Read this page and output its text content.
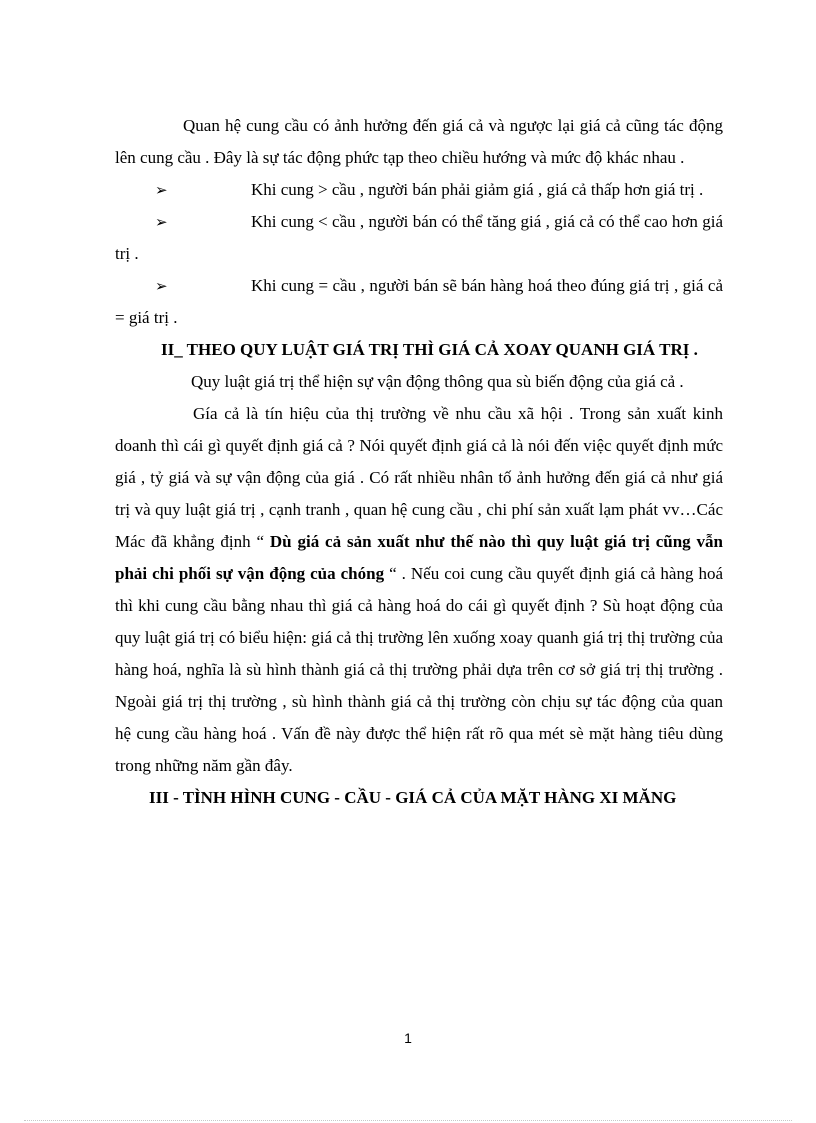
Quan hệ cung cầu có ảnh hưởng đến giá cả và ngược lại giá cả cũng tác động lên cung cầu . Đây là sự tác động phức tạp theo chiều hướng và mức độ khác nhau .

➢	Khi cung > cầu , người bán phải giảm giá , giá cả thấp hơn giá trị .

➢	Khi cung < cầu , người bán có thể tăng giá , giá cả có thể cao hơn giá trị .

➢	Khi cung = cầu , người bán sẽ bán hàng hoá theo đúng giá trị , giá cả = giá trị .

II_ THEO QUY LUẬT GIÁ TRỊ THÌ GIÁ CẢ XOAY QUANH GIÁ TRỊ .

Quy luật giá trị thể hiện sự vận động thông qua sù biến động của giá cả .

Gía cả là tín hiệu của thị trường về nhu cầu xã hội . Trong sản xuất kinh doanh thì cái gì quyết định giá cả ? Nói quyết định giá cả là nói đến việc quyết định mức giá , tỷ giá và sự vận động của giá . Có rất nhiều nhân tố ảnh hưởng đến giá cả như giá trị và quy luật giá trị , cạnh tranh , quan hệ cung cầu , chi phí sản xuất lạm phát vv…Các Mác đã khẳng định “ Dù giá cả sản xuất như thế nào thì quy luật giá trị cũng vẫn phải chi phối sự vận động của chóng “ . Nếu coi cung cầu quyết định giá cả hàng hoá thì khi cung cầu bằng nhau thì giá cả hàng hoá do cái gì quyết định ? Sù hoạt động của quy luật giá trị có biểu hiện: giá cả thị trường lên xuống xoay quanh giá trị thị trường của hàng hoá, nghĩa là sù hình thành giá cả thị trường phải dựa trên cơ sở giá trị thị trường . Ngoài giá trị thị trường , sù hình thành giá cả thị trường còn chịu sự tác động của quan hệ cung cầu hàng hoá . Vấn đề này được thể hiện rất rõ qua mét sè mặt hàng tiêu dùng trong những năm gần đây.

III - TÌNH HÌNH CUNG - CẦU - GIÁ CẢ CỦA MẶT HÀNG XI MĂNG

1
